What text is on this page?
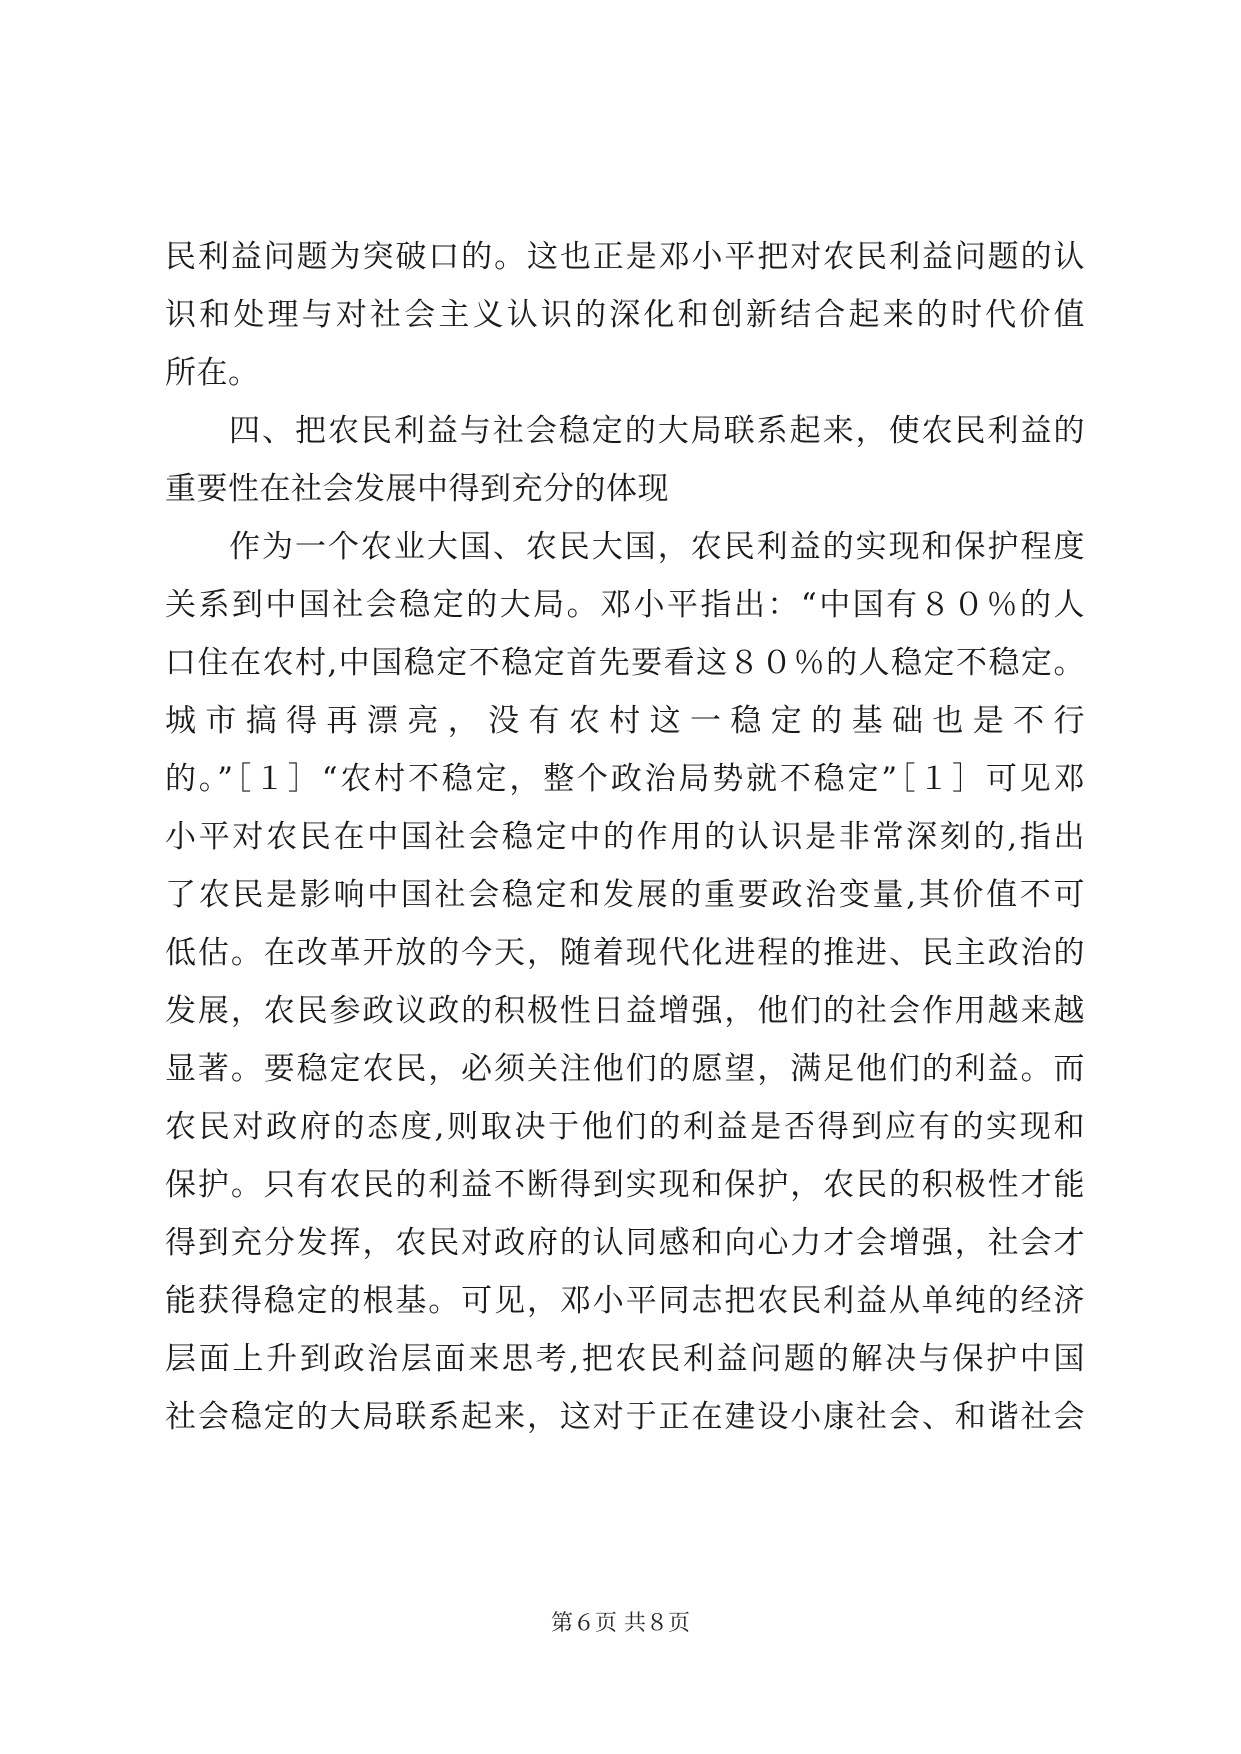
民利益问题为突破口的。这也正是邓小平把对农民利益问题的认
识和处理与对社会主义认识的深化和创新结合起来的时代价值
所在。
四、把农民利益与社会稳定的大局联系起来，使农民利益的
重要性在社会发展中得到充分的体现
作为一个农业大国、农民大国，农民利益的实现和保护程度
关系到中国社会稳定的大局。邓小平指出：“中国有８０％的人
口住在农村,中国稳定不稳定首先要看这８０％的人稳定不稳定。
城市搞得再漂亮，没有农村这一稳定的基础也是不行
的。”［１］“农村不稳定，整个政治局势就不稳定”［１］可见邓
小平对农民在中国社会稳定中的作用的认识是非常深刻的,指出
了农民是影响中国社会稳定和发展的重要政治变量,其价值不可
低估。在改革开放的今天，随着现代化进程的推进、民主政治的
发展，农民参政议政的积极性日益增强，他们的社会作用越来越
显著。要稳定农民，必须关注他们的愿望，满足他们的利益。而
农民对政府的态度,则取决于他们的利益是否得到应有的实现和
保护。只有农民的利益不断得到实现和保护，农民的积极性才能
得到充分发挥，农民对政府的认同感和向心力才会增强，社会才
能获得稳定的根基。可见，邓小平同志把农民利益从单纯的经济
层面上升到政治层面来思考,把农民利益问题的解决与保护中国
社会稳定的大局联系起来，这对于正在建设小康社会、和谐社会
第６页 共８页
